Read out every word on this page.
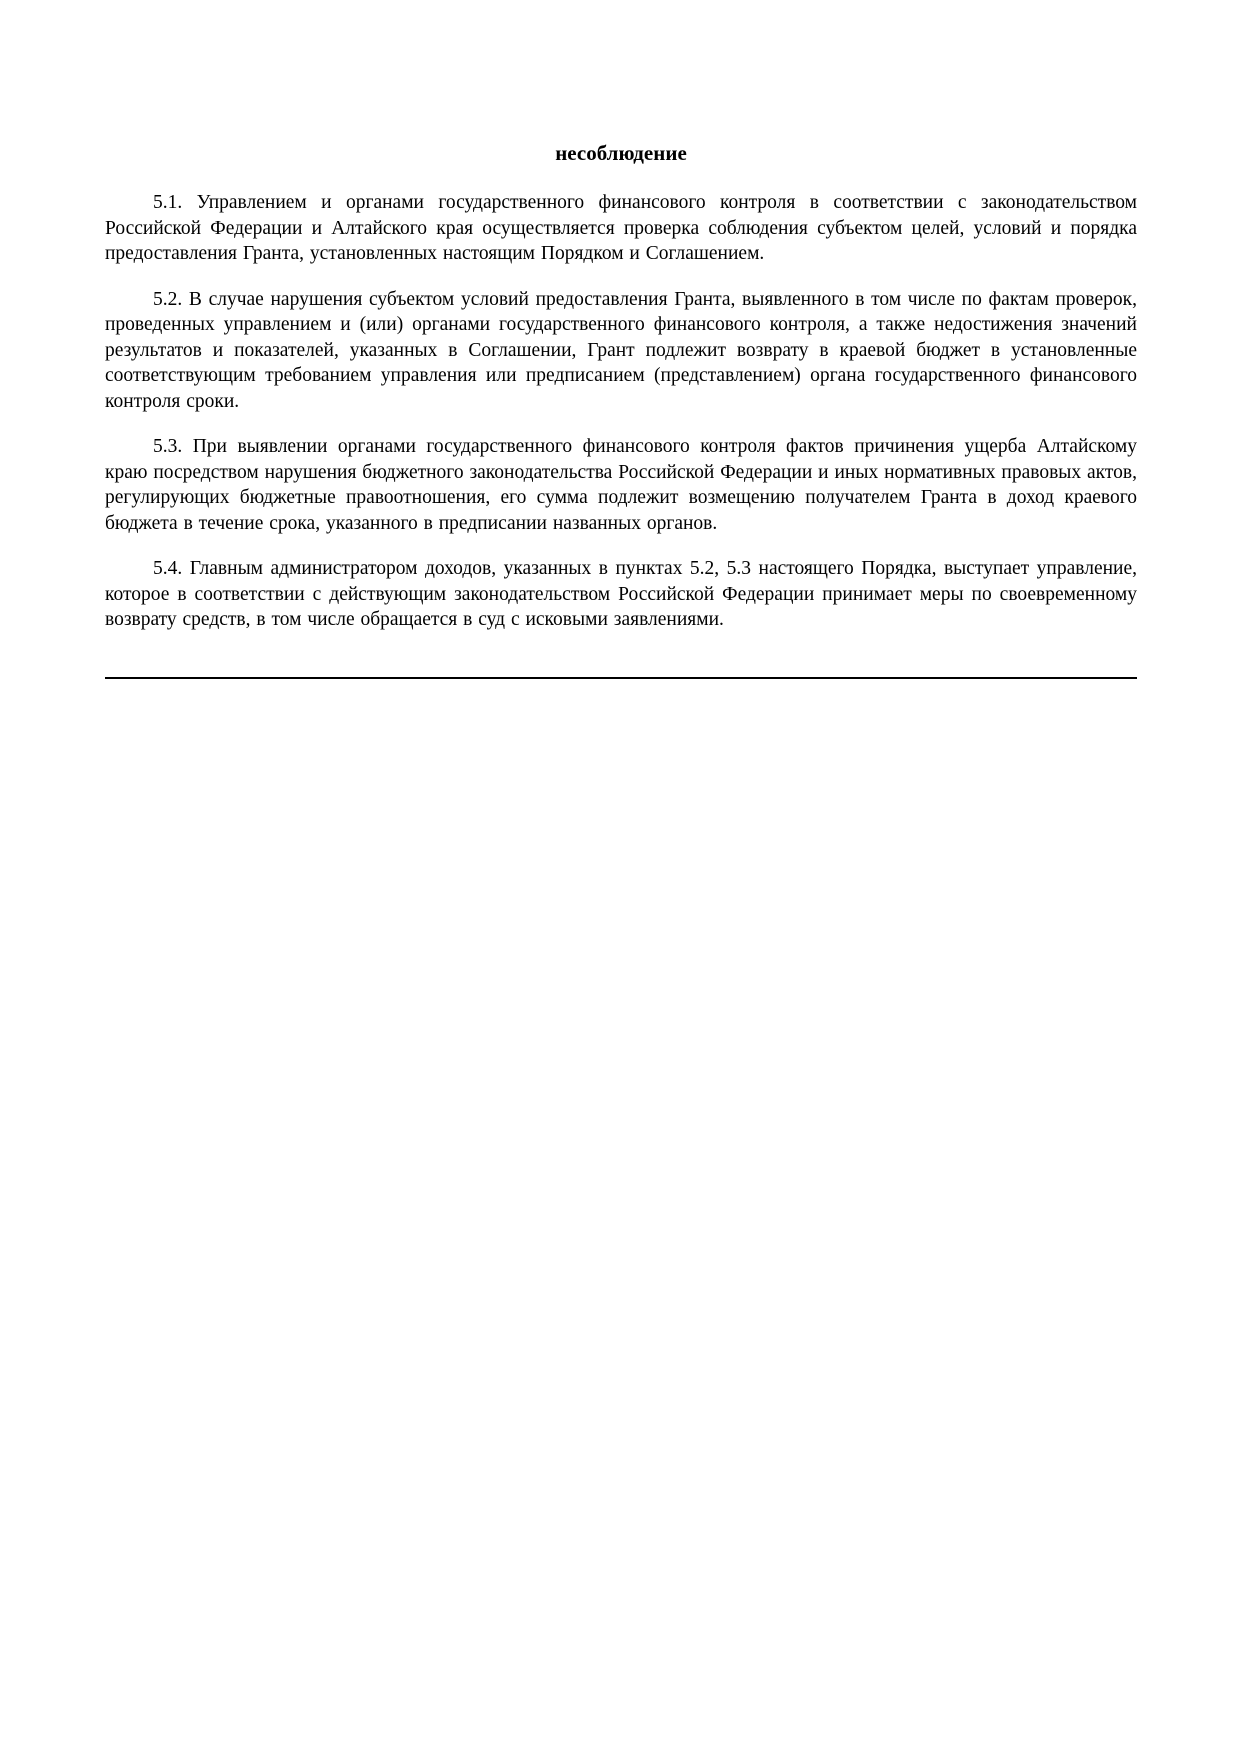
несоблюдение

5.1. Управлением и органами государственного финансового контроля в соответствии с законодательством Российской Федерации и Алтайского края осуществляется проверка соблюдения субъектом целей, условий и порядка предоставления Гранта, установленных настоящим Порядком и Соглашением.

5.2. В случае нарушения субъектом условий предоставления Гранта, выявленного в том числе по фактам проверок, проведенных управлением и (или) органами государственного финансового контроля, а также недостижения значений результатов и показателей, указанных в Соглашении, Грант подлежит возврату в краевой бюджет в установленные соответствующим требованием управления или предписанием (представлением) органа государственного финансового контроля сроки.

5.3. При выявлении органами государственного финансового контроля фактов причинения ущерба Алтайскому краю посредством нарушения бюджетного законодательства Российской Федерации и иных нормативных правовых актов, регулирующих бюджетные правоотношения, его сумма подлежит возмещению получателем Гранта в доход краевого бюджета в течение срока, указанного в предписании названных органов.

5.4. Главным администратором доходов, указанных в пунктах 5.2, 5.3 настоящего Порядка, выступает управление, которое в соответствии с действующим законодательством Российской Федерации принимает меры по своевременному возврату средств, в том числе обращается в суд с исковыми заявлениями.
